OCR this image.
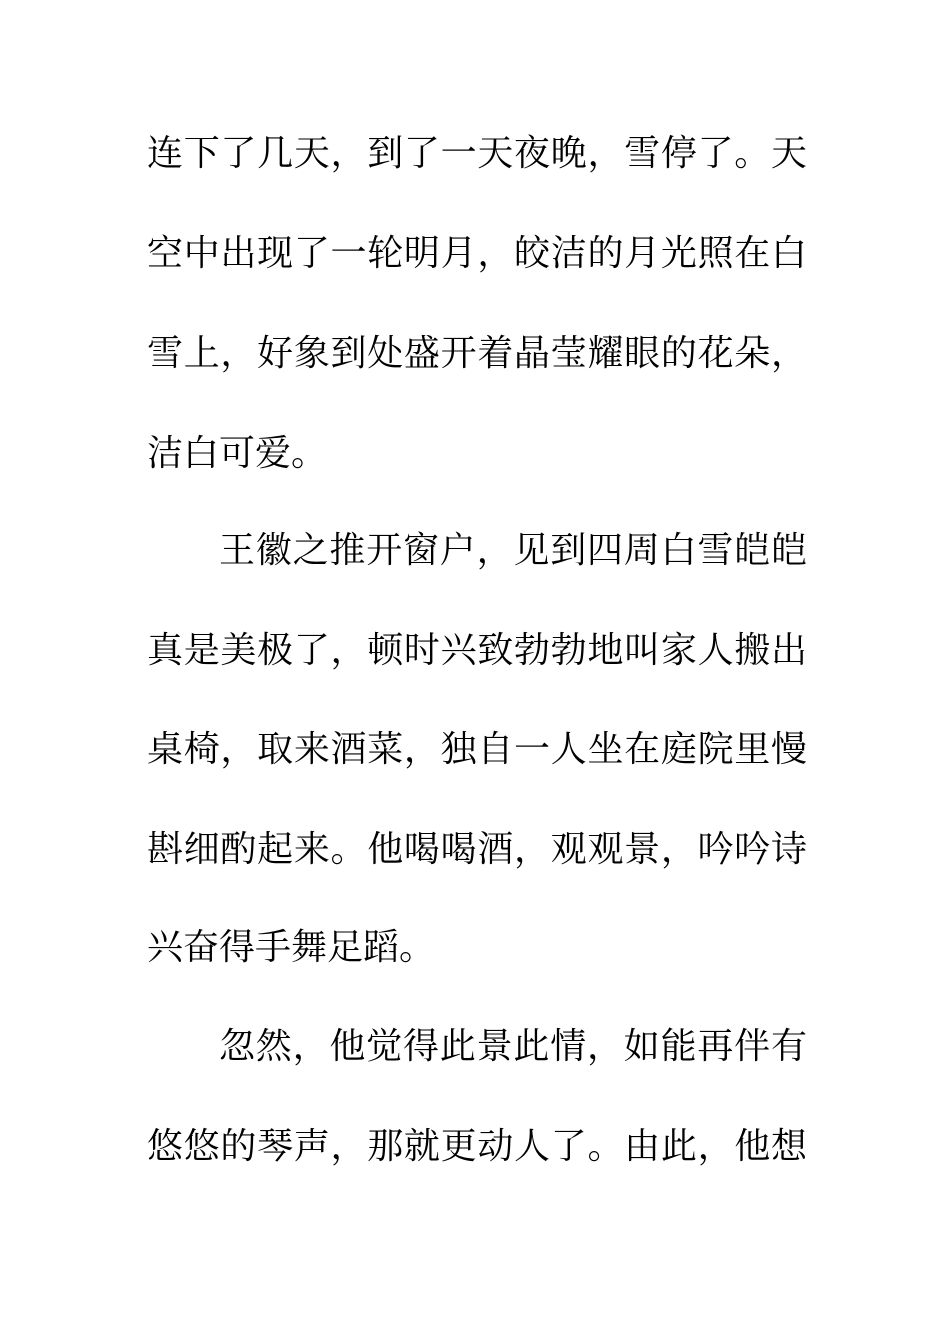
连下了几天，到了一天夜晚，雪停了。天
空中出现了一轮明月，皎洁的月光照在白
雪上，好象到处盛开着晶莹耀眼的花朵，
洁白可爱。
王徽之推开窗户，见到四周白雪皑皑
真是美极了，顿时兴致勃勃地叫家人搬出
桌椅，取来酒菜，独自一人坐在庭院里慢
斟细酌起来。他喝喝酒，观观景，吟吟诗
兴奋得手舞足蹈。
忽然，他觉得此景此情，如能再伴有
悠悠的琴声，那就更动人了。由此，他想
